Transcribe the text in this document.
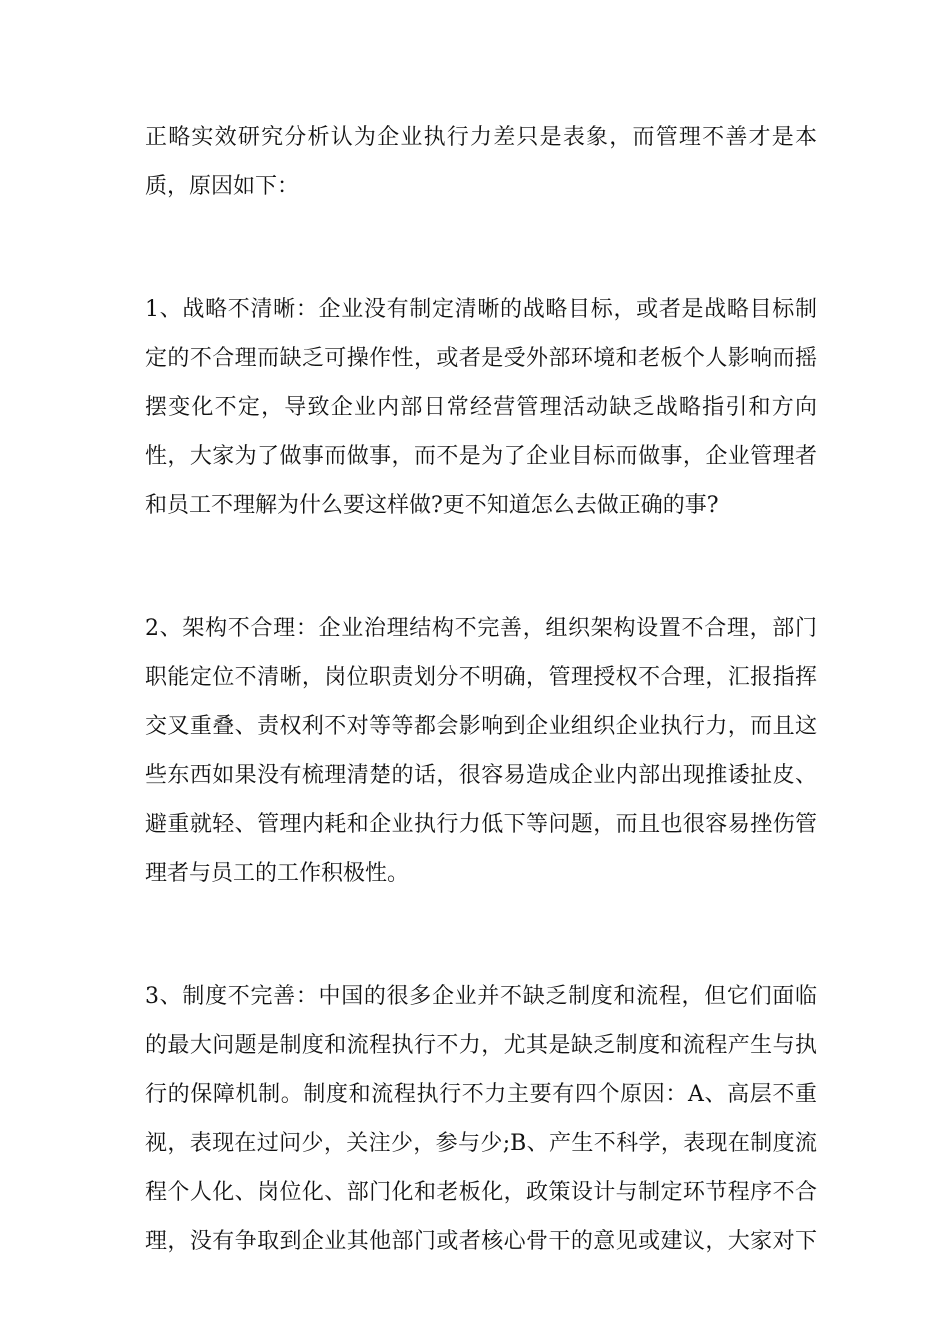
正略实效研究分析认为企业执行力差只是表象，而管理不善才是本
质，原因如下：
1、战略不清晰：企业没有制定清晰的战略目标，或者是战略目标制
定的不合理而缺乏可操作性，或者是受外部环境和老板个人影响而摇
摆变化不定，导致企业内部日常经营管理活动缺乏战略指引和方向
性，大家为了做事而做事，而不是为了企业目标而做事，企业管理者
和员工不理解为什么要这样做?更不知道怎么去做正确的事?
2、架构不合理：企业治理结构不完善，组织架构设置不合理，部门
职能定位不清晰，岗位职责划分不明确，管理授权不合理，汇报指挥
交叉重叠、责权利不对等等都会影响到企业组织企业执行力，而且这
些东西如果没有梳理清楚的话，很容易造成企业内部出现推诿扯皮、
避重就轻、管理内耗和企业执行力低下等问题，而且也很容易挫伤管
理者与员工的工作积极性。
3、制度不完善：中国的很多企业并不缺乏制度和流程，但它们面临
的最大问题是制度和流程执行不力，尤其是缺乏制度和流程产生与执
行的保障机制。制度和流程执行不力主要有四个原因：A、高层不重
视，表现在过问少，关注少，参与少;B、产生不科学，表现在制度流
程个人化、岗位化、部门化和老板化，政策设计与制定环节程序不合
理，没有争取到企业其他部门或者核心骨干的意见或建议，大家对下
